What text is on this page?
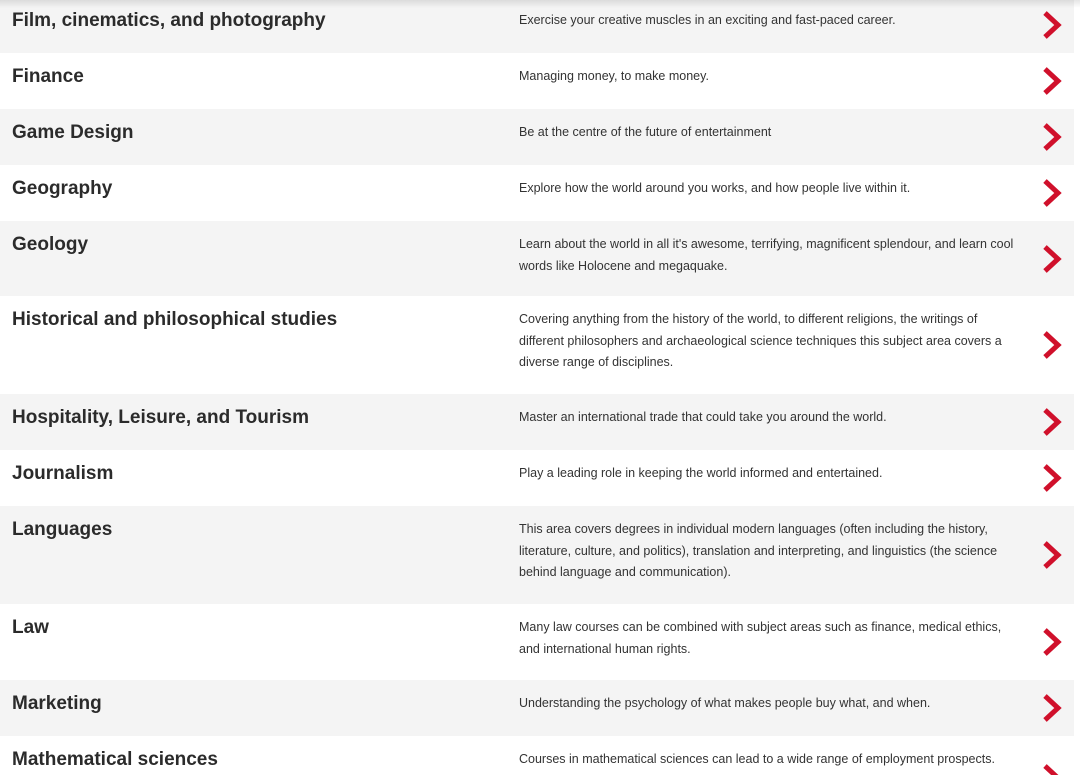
Film, cinematics, and photography	Exercise your creative muscles in an exciting and fast-paced career.
Finance	Managing money, to make money.
Game Design	Be at the centre of the future of entertainment
Geography	Explore how the world around you works, and how people live within it.
Geology	Learn about the world in all it's awesome, terrifying, magnificent splendour, and learn cool words like Holocene and megaquake.
Historical and philosophical studies	Covering anything from the history of the world, to different religions, the writings of different philosophers and archaeological science techniques this subject area covers a diverse range of disciplines.
Hospitality, Leisure, and Tourism	Master an international trade that could take you around the world.
Journalism	Play a leading role in keeping the world informed and entertained.
Languages	This area covers degrees in individual modern languages (often including the history, literature, culture, and politics), translation and interpreting, and linguistics (the science behind language and communication).
Law	Many law courses can be combined with subject areas such as finance, medical ethics, and international human rights.
Marketing	Understanding the psychology of what makes people buy what, and when.
Mathematical sciences	Courses in mathematical sciences can lead to a wide range of employment prospects.
